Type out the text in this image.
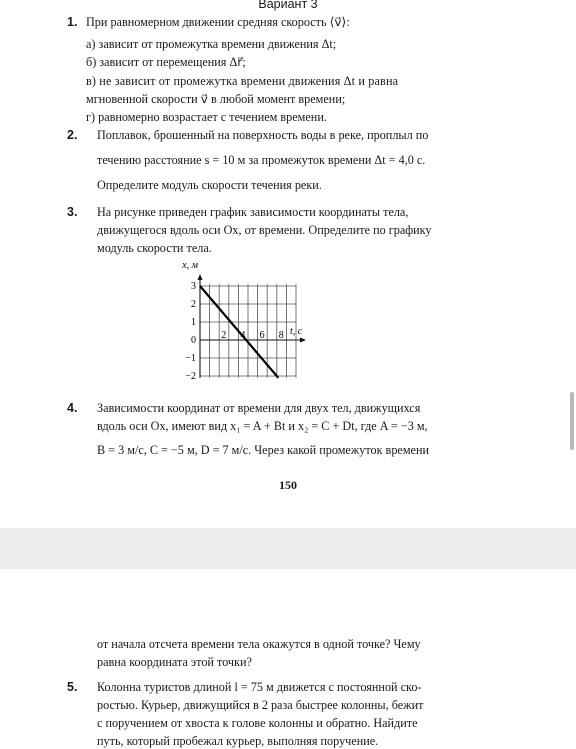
Вариант 3
1. При равномерном движении средняя скорость ⟨v⃗⟩:
а) зависит от промежутка времени движения Δt;
б) зависит от перемещения Δr⃗;
в) не зависит от промежутка времени движения Δt и равна
мгновенной скорости v⃗ в любой момент времени;
г) равномерно возрастает с течением времени.
2. Поплавок, брошенный на поверхность воды в реке, проплыл по
течению расстояние s = 10 м за промежуток времени Δt = 4,0 с.
Определите модуль скорости течения реки.
3. На рисунке приведен график зависимости координаты тела,
движущегося вдоль оси Ox, от времени. Определите по графику
модуль скорости тела.
2 4 6 8
3
2
1
0
−1
−2
t, с
x, м
4. Зависимости координат от времени для двух тел, движущихся
вдоль оси Ox, имеют вид x₁ = A + Bt и x₂ = C + Dt, где A = −3 м,
B = 3 м/с, C = −5 м, D = 7 м/с. Через какой промежуток времени
150
от начала отсчета времени тела окажутся в одной точке? Чему
равна координата этой точки?
5. Колонна туристов длиной l = 75 м движется с постоянной ско-
ростью. Курьер, движущийся в 2 раза быстрее колонны, бежит
с поручением от хвоста к голове колонны и обратно. Найдите
путь, который пробежал курьер, выполняя поручение.
